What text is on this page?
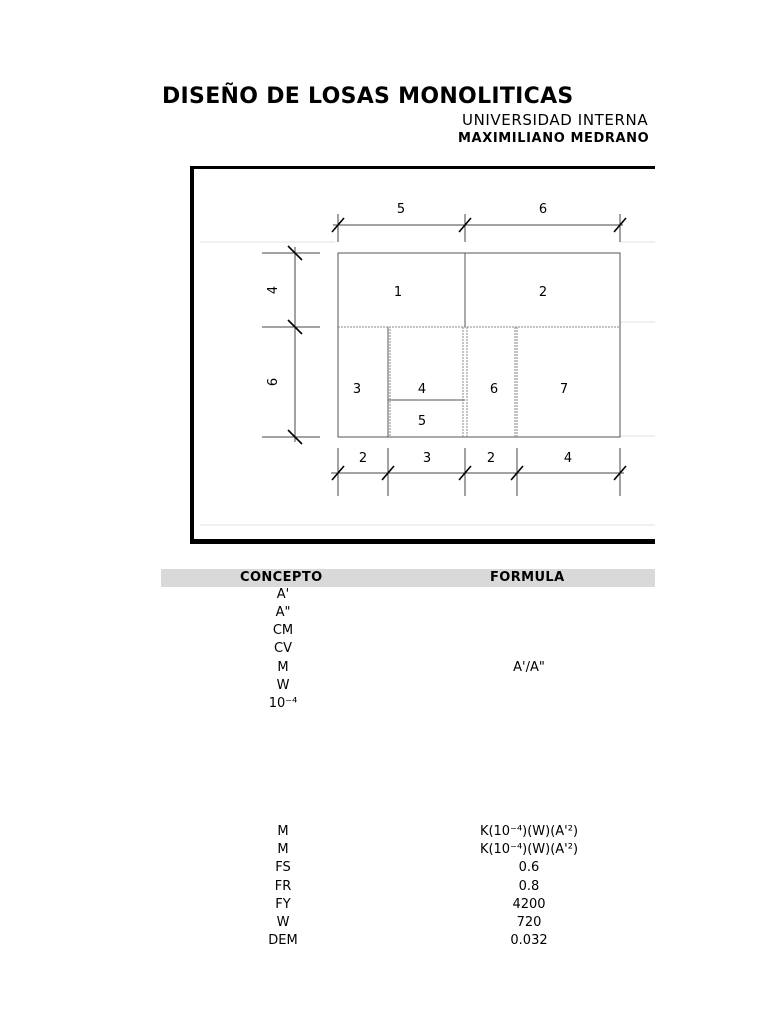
DISEÑO DE LOSAS MONOLITICAS
UNIVERSIDAD INTERNA
MAXIMILIANO MEDRANO
5	6
2	3	2	4
4
6
1	2
3	4
5
6	7
CONCEPTO	FORMULA
A'
A"
CM
CV
M	A'/A"
W
10⁻⁴
M	K(10⁻⁴)(W)(A'²)
M	K(10⁻⁴)(W)(A'²)
FS	0.6
FR	0.8
FY	4200
W	720
DEM	0.032
